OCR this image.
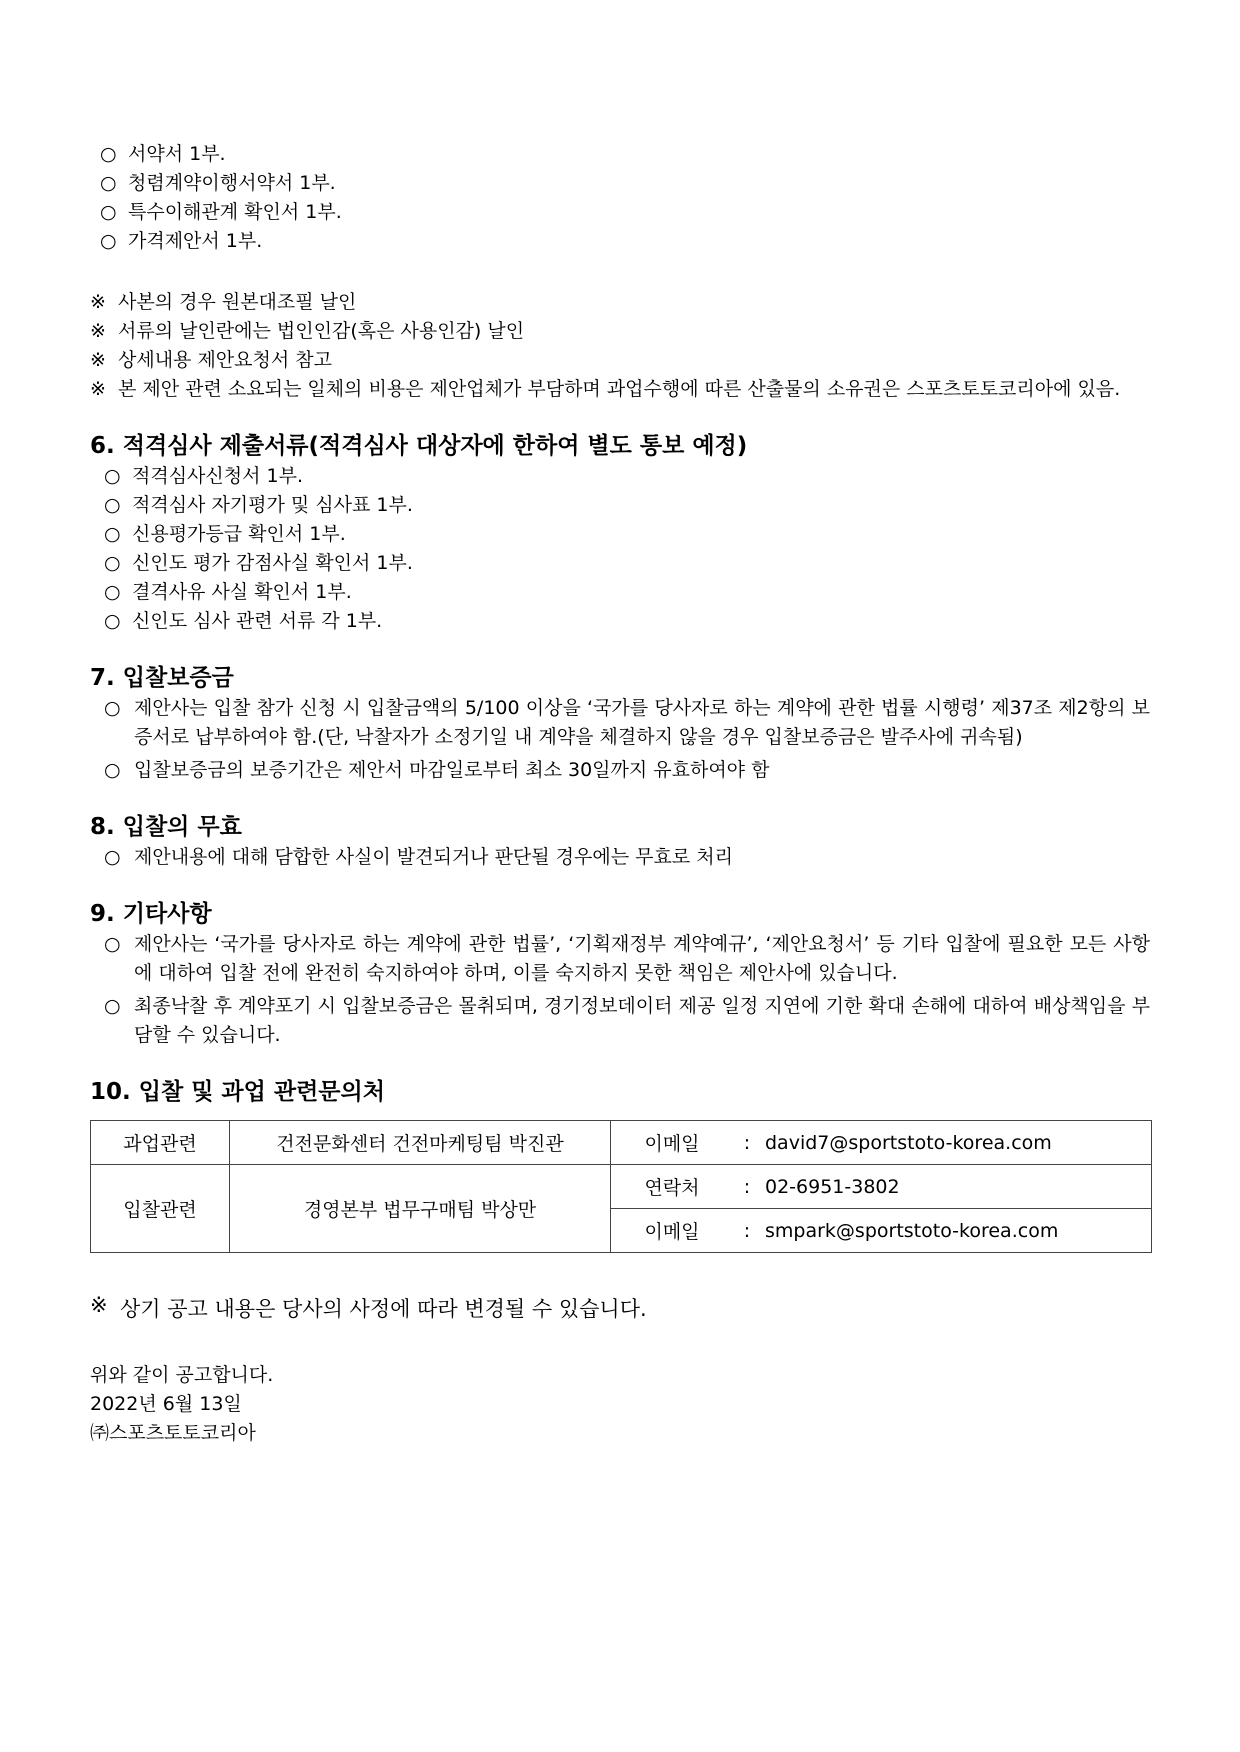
○ 서약서 1부.
○ 청렴계약이행서약서 1부.
○ 특수이해관계 확인서 1부.
○ 가격제안서 1부.
※ 사본의 경우 원본대조필 날인
※ 서류의 날인란에는 법인인감(혹은 사용인감) 날인
※ 상세내용 제안요청서 참고
※ 본 제안 관련 소요되는 일체의 비용은 제안업체가 부담하며 과업수행에 따른 산출물의 소유권은 스포츠토토코리아에 있음.
6. 적격심사 제출서류(적격심사 대상자에 한하여 별도 통보 예정)
○ 적격심사신청서 1부.
○ 적격심사 자기평가 및 심사표 1부.
○ 신용평가등급 확인서 1부.
○ 신인도 평가 감점사실 확인서 1부.
○ 결격사유 사실 확인서 1부.
○ 신인도 심사 관련 서류 각 1부.
7. 입찰보증금
○ 제안사는 입찰 참가 신청 시 입찰금액의 5/100 이상을 ‘국가를 당사자로 하는 계약에 관한 법률 시행령’ 제37조 제2항의 보증서로 납부하여야 함.(단, 낙찰자가 소정기일 내 계약을 체결하지 않을 경우 입찰보증금은 발주사에 귀속됨)
○ 입찰보증금의 보증기간은 제안서 마감일로부터 최소 30일까지 유효하여야 함
8. 입찰의 무효
○ 제안내용에 대해 담합한 사실이 발견되거나 판단될 경우에는 무효로 처리
9. 기타사항
○ 제안사는 ‘국가를 당사자로 하는 계약에 관한 법률’, ‘기획재정부 계약예규’, ‘제안요청서’ 등 기타 입찰에 필요한 모든 사항에 대하여 입찰 전에 완전히 숙지하여야 하며, 이를 숙지하지 못한 책임은 제안사에 있습니다.
○ 최종낙찰 후 계약포기 시 입찰보증금은 몰취되며, 경기정보데이터 제공 일정 지연에 기한 확대 손해에 대하여 배상책임을 부담할 수 있습니다.
10. 입찰 및 과업 관련문의처
과업관련	건전문화센터 건전마케팅팀 박진관	이메일	:	david7@sportstoto-korea.com
입찰관련	경영본부 법무구매팀 박상만	연락처	:	02-6951-3802
		이메일	:	smpark@sportstoto-korea.com
※ 상기 공고 내용은 당사의 사정에 따라 변경될 수 있습니다.
위와 같이 공고합니다.
2022년 6월 13일
㈜스포츠토토코리아
